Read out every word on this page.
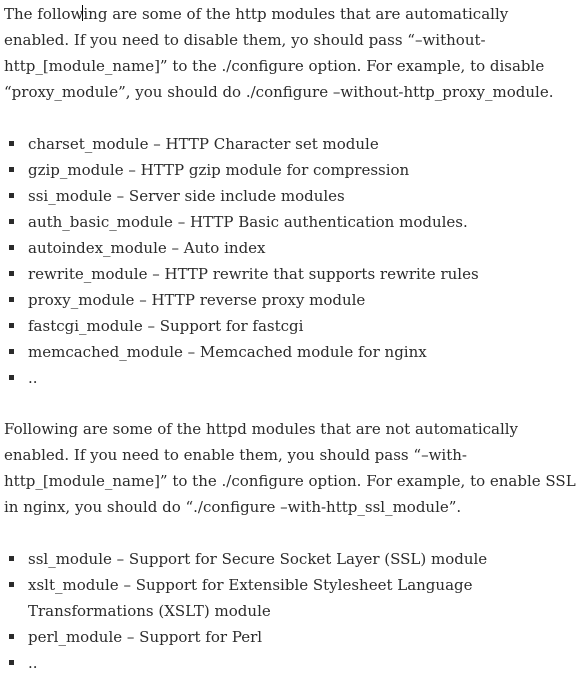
The following are some of the http modules that are automatically enabled. If you need to disable them, yo should pass “–without-http_[module_name]” to the ./configure option. For example, to disable “proxy_module”, you should do ./configure –without-http_proxy_module.

charset_module – HTTP Character set module
gzip_module – HTTP gzip module for compression
ssi_module – Server side include modules
auth_basic_module – HTTP Basic authentication modules.
autoindex_module – Auto index
rewrite_module – HTTP rewrite that supports rewrite rules
proxy_module – HTTP reverse proxy module
fastcgi_module – Support for fastcgi
memcached_module – Memcached module for nginx
..

Following are some of the httpd modules that are not automatically enabled. If you need to enable them, you should pass “–with-http_[module_name]” to the ./configure option. For example, to enable SSL in nginx, you should do “./configure –with-http_ssl_module”.

ssl_module – Support for Secure Socket Layer (SSL) module
xslt_module – Support for Extensible Stylesheet Language Transformations (XSLT) module
perl_module – Support for Perl
..
